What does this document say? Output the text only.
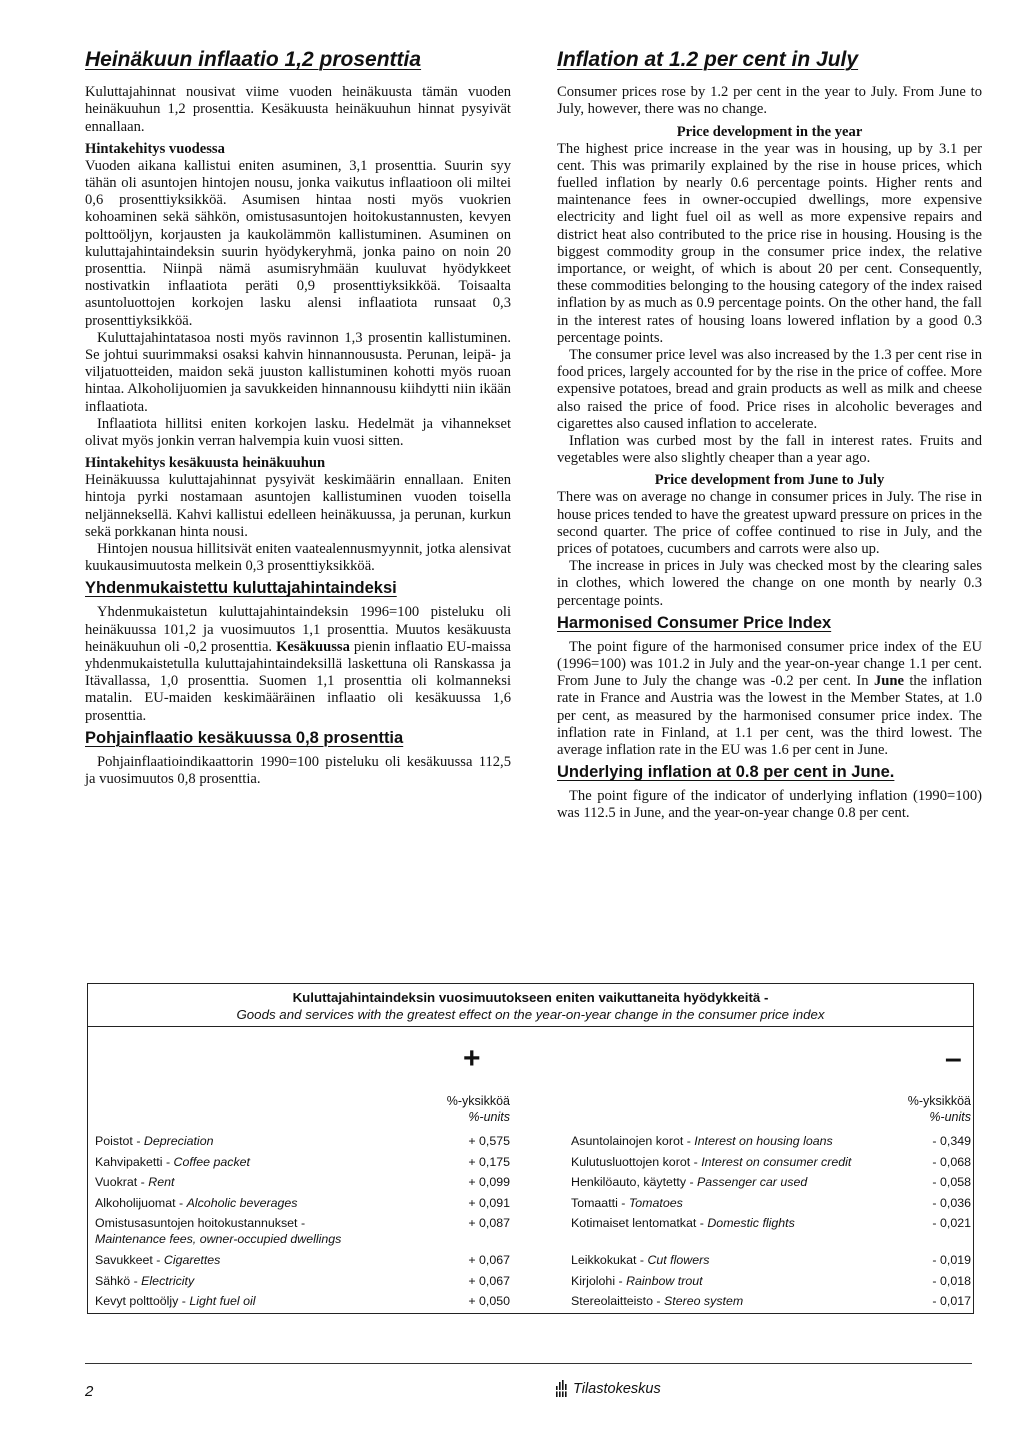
Heinäkuun inflaatio 1,2 prosenttia

Kuluttajahinnat nousivat viime vuoden heinäkuusta tämän vuoden heinäkuuhun 1,2 prosenttia. Kesäkuusta heinäkuuhun hinnat pysyivät ennallaan.

Hintakehitys vuodessa

Vuoden aikana kallistui eniten asuminen, 3,1 prosenttia. Suurin syy tähän oli asuntojen hintojen nousu, jonka vaikutus inflaatioon oli miltei 0,6 prosenttiyksikköä. Asumisen hintaa nosti myös vuokrien kohoaminen sekä sähkön, omistusasuntojen hoitokustannusten, kevyen polttoöljyn, korjausten ja kaukolämmön kallistuminen. Asuminen on kuluttajahintaindeksin suurin hyödykeryhmä, jonka paino on noin 20 prosenttia. Niinpä nämä asumisryhmään kuuluvat hyödykkeet nostivatkin inflaatiota peräti 0,9 prosenttiyksikköä. Toisaalta asuntoluottojen korkojen lasku alensi inflaatiota runsaat 0,3 prosenttiyksikköä.

Kuluttajahintatasoa nosti myös ravinnon 1,3 prosentin kallistuminen. Se johtui suurimmaksi osaksi kahvin hinnannoususta. Perunan, leipä- ja viljatuotteiden, maidon sekä juuston kallistuminen kohotti myös ruoan hintaa. Alkoholijuomien ja savukkeiden hinnannousu kiihdytti niin ikään inflaatiota.

Inflaatiota hillitsi eniten korkojen lasku. Hedelmät ja vihannekset olivat myös jonkin verran halvempia kuin vuosi sitten.

Hintakehitys kesäkuusta heinäkuuhun

Heinäkuussa kuluttajahinnat pysyivät keskimäärin ennallaan. Eniten hintoja pyrki nostamaan asuntojen kallistuminen vuoden toisella neljänneksellä. Kahvi kallistui edelleen heinäkuussa, ja perunan, kurkun sekä porkkanan hinta nousi.

Hintojen nousua hillitsivät eniten vaatealennusmyynnit, jotka alensivat kuukausimuutosta melkein 0,3 prosenttiyksikköä.

Yhdenmukaistettu kuluttajahintaindeksi

Yhdenmukaistetun kuluttajahintaindeksin 1996=100 pisteluku oli heinäkuussa 101,2 ja vuosimuutos 1,1 prosenttia. Muutos kesäkuusta heinäkuuhun oli -0,2 prosenttia. Kesäkuussa pienin inflaatio EU-maissa yhdenmukaistetulla kuluttajahintaindeksillä laskettuna oli Ranskassa ja Itävallassa, 1,0 prosenttia. Suomen 1,1 prosenttia oli kolmanneksi matalin. EU-maiden keskimääräinen inflaatio oli kesäkuussa 1,6 prosenttia.

Pohjainflaatio kesäkuussa 0,8 prosenttia

Pohjainflaatioindikaattorin 1990=100 pisteluku oli kesäkuussa 112,5 ja vuosimuutos 0,8 prosenttia.

Inflation at 1.2 per cent in July

Consumer prices rose by 1.2 per cent in the year to July. From June to July, however, there was no change.

Price development in the year

The highest price increase in the year was in housing, up by 3.1 per cent. This was primarily explained by the rise in house prices, which fuelled inflation by nearly 0.6 percentage points. Higher rents and maintenance fees in owner-occupied dwellings, more expensive electricity and light fuel oil as well as more expensive repairs and district heat also contributed to the price rise in housing. Housing is the biggest commodity group in the consumer price index, the relative importance, or weight, of which is about 20 per cent. Consequently, these commodities belonging to the housing category of the index raised inflation by as much as 0.9 percentage points. On the other hand, the fall in the interest rates of housing loans lowered inflation by a good 0.3 percentage points.

The consumer price level was also increased by the 1.3 per cent rise in food prices, largely accounted for by the rise in the price of coffee. More expensive potatoes, bread and grain products as well as milk and cheese also raised the price of food. Price rises in alcoholic beverages and cigarettes also caused inflation to accelerate.

Inflation was curbed most by the fall in interest rates. Fruits and vegetables were also slightly cheaper than a year ago.

Price development from June to July

There was on average no change in consumer prices in July. The rise in house prices tended to have the greatest upward pressure on prices in the second quarter. The price of coffee continued to rise in July, and the prices of potatoes, cucumbers and carrots were also up.

The increase in prices in July was checked most by the clearing sales in clothes, which lowered the change on one month by nearly 0.3 percentage points.

Harmonised Consumer Price Index

The point figure of the harmonised consumer price index of the EU (1996=100) was 101.2 in July and the year-on-year change 1.1 per cent. From June to July the change was -0.2 per cent. In June the inflation rate in France and Austria was the lowest in the Member States, at 1.0 per cent, as measured by the harmonised consumer price index. The inflation rate in Finland, at 1.1 per cent, was the third lowest. The average inflation rate in the EU was 1.6 per cent in June.

Underlying inflation at 0.8 per cent in June.

The point figure of the indicator of underlying inflation (1990=100) was 112.5 in June, and the year-on-year change 0.8 per cent.

Kuluttajahintaindeksin vuosimuutokseen eniten vaikuttaneita hyödykkeitä -
Goods and services with the greatest effect on the year-on-year change in the consumer price index
+	–
%-yksikköä
%-units
%-yksikköä
%-units
Poistot - Depreciation	+ 0,575
Kahvipaketti - Coffee packet	+ 0,175
Vuokrat - Rent	+ 0,099
Alkoholijuomat - Alcoholic beverages	+ 0,091
Omistusasuntojen hoitokustannukset -
Maintenance fees, owner-occupied dwellings
+ 0,087
Savukkeet - Cigarettes	+ 0,067
Sähkö - Electricity	+ 0,067
Kevyt polttoöljy - Light fuel oil	+ 0,050
Asuntolainojen korot - Interest on housing loans	- 0,349
Kulutusluottojen korot - Interest on consumer credit	- 0,068
Henkilöauto, käytetty - Passenger car used	- 0,058
Tomaatti - Tomatoes	- 0,036
Kotimaiset lentomatkat - Domestic flights	- 0,021
Leikkokukat - Cut flowers	- 0,019
Kirjolohi - Rainbow trout	- 0,018
Stereolaitteisto - Stereo system	- 0,017
2	Tilastokeskus
